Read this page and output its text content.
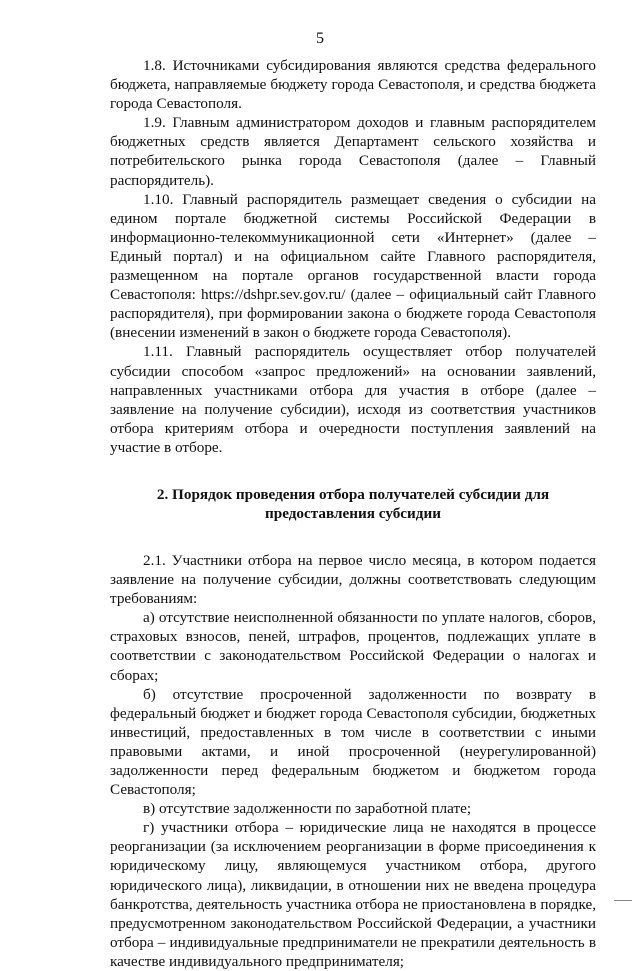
5

1.8. Источниками субсидирования являются средства федерального бюджета, направляемые бюджету города Севастополя, и средства бюджета города Севастополя.

1.9. Главным администратором доходов и главным распорядителем бюджетных средств является Департамент сельского хозяйства и потребительского рынка города Севастополя (далее – Главный распорядитель).

1.10. Главный распорядитель размещает сведения о субсидии на едином портале бюджетной системы Российской Федерации в информационно-телекоммуникационной сети «Интернет» (далее – Единый портал) и на официальном сайте Главного распорядителя, размещенном на портале органов государственной власти города Севастополя: https://dshpr.sev.gov.ru/ (далее – официальный сайт Главного распорядителя), при формировании закона о бюджете города Севастополя (внесении изменений в закон о бюджете города Севастополя).

1.11. Главный распорядитель осуществляет отбор получателей субсидии способом «запрос предложений» на основании заявлений, направленных участниками отбора для участия в отборе (далее – заявление на получение субсидии), исходя из соответствия участников отбора критериям отбора и очередности поступления заявлений на участие в отборе.

2. Порядок проведения отбора получателей субсидии для предоставления субсидии

2.1. Участники отбора на первое число месяца, в котором подается заявление на получение субсидии, должны соответствовать следующим требованиям:

а) отсутствие неисполненной обязанности по уплате налогов, сборов, страховых взносов, пеней, штрафов, процентов, подлежащих уплате в соответствии с законодательством Российской Федерации о налогах и сборах;

б) отсутствие просроченной задолженности по возврату в федеральный бюджет и бюджет города Севастополя субсидии, бюджетных инвестиций, предоставленных в том числе в соответствии с иными правовыми актами, и иной просроченной (неурегулированной) задолженности перед федеральным бюджетом и бюджетом города Севастополя;

в) отсутствие задолженности по заработной плате;

г) участники отбора – юридические лица не находятся в процессе реорганизации (за исключением реорганизации в форме присоединения к юридическому лицу, являющемуся участником отбора, другого юридического лица), ликвидации, в отношении них не введена процедура банкротства, деятельность участника отбора не приостановлена в порядке, предусмотренном законодательством Российской Федерации, а участники отбора – индивидуальные предприниматели не прекратили деятельность в качестве индивидуального предпринимателя;
